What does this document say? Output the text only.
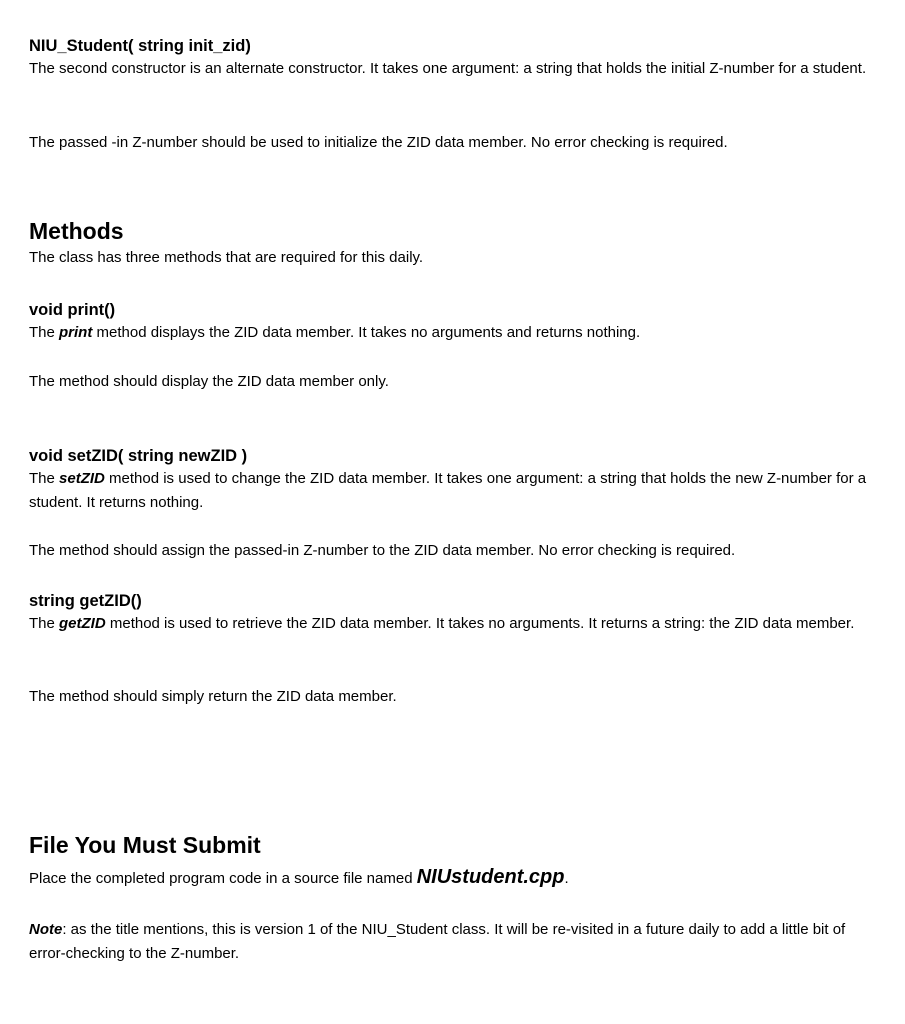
NIU_Student( string init_zid)

The second constructor is an alternate constructor. It takes one argument: a string that holds the initial Z-number for a student.

The passed -in Z-number should be used to initialize the ZID data member. No error checking is required.

Methods

The class has three methods that are required for this daily.

void print()

The print method displays the ZID data member. It takes no arguments and returns nothing.

The method should display the ZID data member only.

void setZID( string newZID )

The setZID method is used to change the ZID data member. It takes one argument: a string that holds the new Z-number for a student. It returns nothing.

The method should assign the passed-in Z-number to the ZID data member. No error checking is required.

string getZID()

The getZID method is used to retrieve the ZID data member. It takes no arguments. It returns a string: the ZID data member.

The method should simply return the ZID data member.

File You Must Submit

Place the completed program code in a source file named NIUstudent.cpp.

Note: as the title mentions, this is version 1 of the NIU_Student class. It will be re-visited in a future daily to add a little bit of error-checking to the Z-number.
